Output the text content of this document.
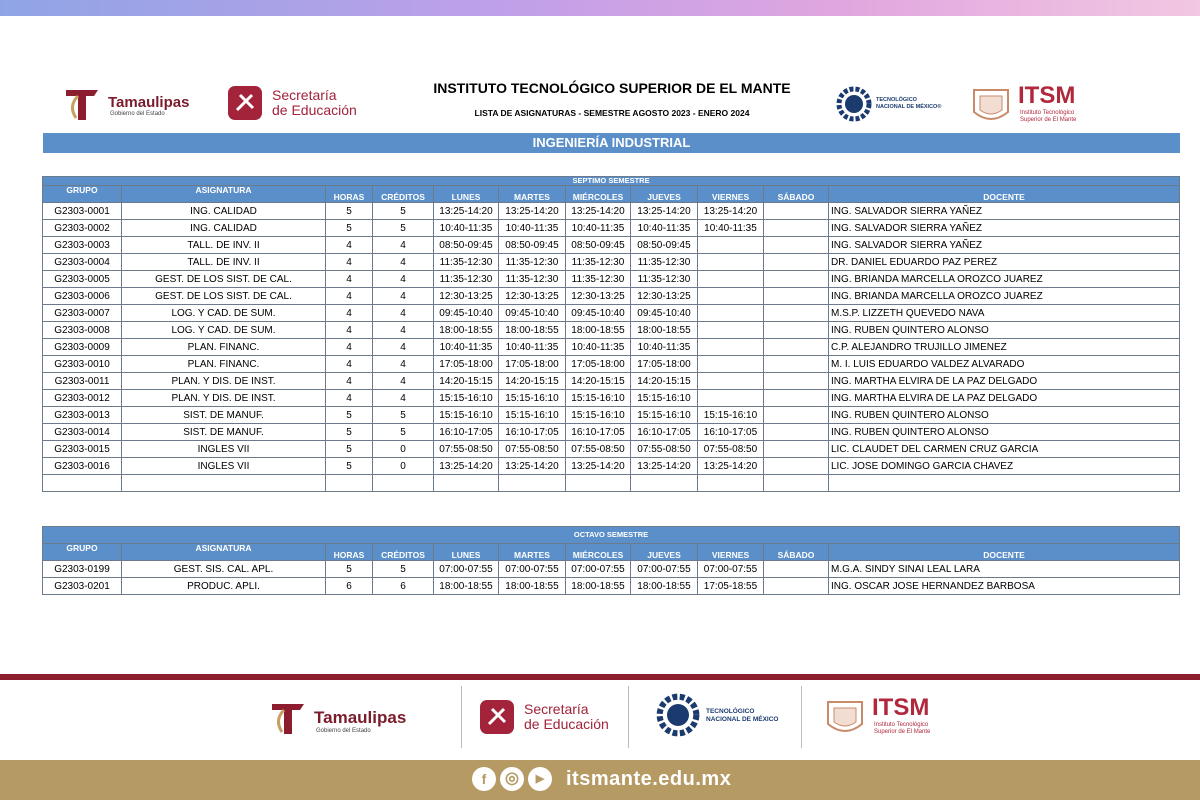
Tamaulipas
Gobierno del Estado
Secretaría
de Educación
INSTITUTO TECNOLÓGICO SUPERIOR DE EL MANTE
LISTA DE ASIGNATURAS - SEMESTRE AGOSTO 2023 - ENERO 2024
TECNOLÓGICO
NACIONAL DE MÉXICO®	ITSM
Instituto Tecnológico
Superior de El Mante
INGENIERÍA INDUSTRIAL
SEPTIMO SEMESTRE										
GRUPO	ASIGNATURA	HORAS	CRÉDITOS	LUNES	MARTES	MIÉRCOLES	JUEVES	VIERNES	SÁBADO	DOCENTE
G2303-0001	ING. CALIDAD	5	5	13:25-14:20	13:25-14:20	13:25-14:20	13:25-14:20	13:25-14:20		ING. SALVADOR SIERRA YAÑEZ
G2303-0002	ING. CALIDAD	5	5	10:40-11:35	10:40-11:35	10:40-11:35	10:40-11:35	10:40-11:35		ING. SALVADOR SIERRA YAÑEZ
G2303-0003	TALL. DE INV. II	4	4	08:50-09:45	08:50-09:45	08:50-09:45	08:50-09:45			ING. SALVADOR SIERRA YAÑEZ
G2303-0004	TALL. DE INV. II	4	4	11:35-12:30	11:35-12:30	11:35-12:30	11:35-12:30			DR. DANIEL EDUARDO PAZ PEREZ
G2303-0005	GEST. DE LOS SIST. DE CAL.	4	4	11:35-12:30	11:35-12:30	11:35-12:30	11:35-12:30			ING. BRIANDA MARCELLA OROZCO JUAREZ
G2303-0006	GEST. DE LOS SIST. DE CAL.	4	4	12:30-13:25	12:30-13:25	12:30-13:25	12:30-13:25			ING. BRIANDA MARCELLA OROZCO JUAREZ
G2303-0007	LOG. Y CAD. DE SUM.	4	4	09:45-10:40	09:45-10:40	09:45-10:40	09:45-10:40			M.S.P. LIZZETH QUEVEDO NAVA
G2303-0008	LOG. Y CAD. DE SUM.	4	4	18:00-18:55	18:00-18:55	18:00-18:55	18:00-18:55			ING. RUBEN QUINTERO ALONSO
G2303-0009	PLAN. FINANC.	4	4	10:40-11:35	10:40-11:35	10:40-11:35	10:40-11:35			C.P. ALEJANDRO TRUJILLO JIMENEZ
G2303-0010	PLAN. FINANC.	4	4	17:05-18:00	17:05-18:00	17:05-18:00	17:05-18:00			M. I. LUIS EDUARDO VALDEZ ALVARADO
G2303-0011	PLAN. Y DIS. DE INST.	4	4	14:20-15:15	14:20-15:15	14:20-15:15	14:20-15:15			ING. MARTHA ELVIRA DE LA PAZ DELGADO
G2303-0012	PLAN. Y DIS. DE INST.	4	4	15:15-16:10	15:15-16:10	15:15-16:10	15:15-16:10			ING. MARTHA ELVIRA DE LA PAZ DELGADO
G2303-0013	SIST. DE MANUF.	5	5	15:15-16:10	15:15-16:10	15:15-16:10	15:15-16:10	15:15-16:10		ING. RUBEN QUINTERO ALONSO
G2303-0014	SIST. DE MANUF.	5	5	16:10-17:05	16:10-17:05	16:10-17:05	16:10-17:05	16:10-17:05		ING. RUBEN QUINTERO ALONSO
G2303-0015	INGLES VII	5	0	07:55-08:50	07:55-08:50	07:55-08:50	07:55-08:50	07:55-08:50		LIC. CLAUDET DEL CARMEN CRUZ GARCIA
G2303-0016	INGLES VII	5	0	13:25-14:20	13:25-14:20	13:25-14:20	13:25-14:20	13:25-14:20		LIC. JOSE DOMINGO GARCIA CHAVEZ

OCTAVO SEMESTRE										
GRUPO	ASIGNATURA	HORAS	CRÉDITOS	LUNES	MARTES	MIÉRCOLES	JUEVES	VIERNES	SÁBADO	DOCENTE
G2303-0199	GEST. SIS. CAL. APL.	5	5	07:00-07:55	07:00-07:55	07:00-07:55	07:00-07:55	07:00-07:55		M.G.A. SINDY SINAI LEAL LARA
G2303-0201	PRODUC. APLI.	6	6	18:00-18:55	18:00-18:55	18:00-18:55	18:00-18:55	17:05-18:55		ING. OSCAR JOSE HERNANDEZ BARBOSA
Tamaulipas
Gobierno del Estado
Secretaría
de Educación
TECNOLÓGICO
NACIONAL DE MÉXICO	ITSM
Instituto Tecnológico
Superior de El Mante
f	◎	▶	itsmante.edu.mx
